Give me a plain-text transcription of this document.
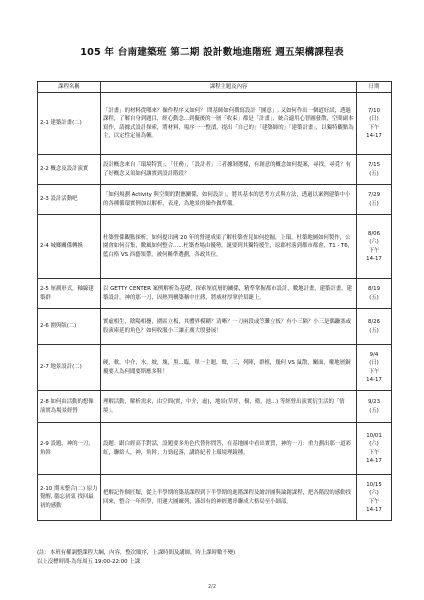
105 年 台南建築班 第二期 設計數地進階班 週五架構課程表
課程名稱	課程主題及內容	日期
2-1 建築計畫(二)	「計畫」的材料從哪來？操作程序又如何？ 問基師如何撰寫設計「圖意」, 又如何作出一個道好試，透過課程，了解自身到題目，經心動念...到擬後的一層「收束」都是「計畫」，統合適用心智圖發散，空間副本寫作，請據式設計探索，將材料，場序一一整漬，提出「自己的」「建築師的」「建築計畫」，以獨特觀點為主，以定性定量為輔。	7/10
(日)
下午
14-17

2-2 概念及設計演實	設計概念來自「環境特質」，「任務」，「設計者」三者據剝選樣，有創意的概念如何提案，尋找，尋覓？有了好概念又須如何讓實到設計階段？	7/15
(五)

2-3 設計活動吧	「如何規劃 Activity 與空間的對應關係，如何設計」，將其基本的思考方式與方法，透過以案例建築中小的各種循環實例加以解析，表達，為地景的操作做準備。	7/29
(五)

2-4 城鄉關係轉換	杜築營係觀點探析，如何提出國 20 年的營運成果了解杜築查見如何挖掘，上環，杜築地圖如何製作，公園會如何召集，數風如何整合......杜築查場由優勢，誕要到其獨特援生，原郡村落到都市都會，T1 - T6，藍白格 VS 西藝領帶，被何稱準選劃，各政其位。	8/06
(六)
下午
14-17

2-5 厘測形式，軸線建築群	以 GETTY CENTER 案例解析為基礎，探索厘底層的關係，精準掌握都市設計，數地計畫，建築計畫，建築設計，神的那一刀，因熱判構築稱中庄蔣，將威材厚掌於眉睫上。	8/19
(五)

2-6 圍與版(二)	實虛相生，陰陽相疊，圍區立板，其體界模糊？清晰？一刀兩段或笠難立板？有小三隔？小三是偶鐮塞或股演庫延的角色？如何收服小三讓正廣大殷發展！	8/26
(五)

2-7 地景設計(二)	硬，軟，中介，水，坡，塊，黑...臨，單一主題，聲，三，列陣，群植，幾何 VS 鼠散，關面，權地層銅擾要人為何聞要斯應多鞋！	9/4
(日)
下午
14-17

2-8 如何由活動的想像演實為場景經營	理解活動，解析需求，由空間(實，中介，虛)，地景(草坪，樹，衛，池...) 等經營出演實衍生活的「情境」。	9/23
(五)

2-9 設題，神的一刀，角斡	設題：跟白經高手對話，設題要多角色代替你問答，在基地圖中看出實質，神的一刀：重力劃出那一道彩虹，聯絡人，神，角斡；力勁起落，講終紀者上環境理鏡種。	10/01
(六)
下午
14-17

2-10 期末整合(二) 原力覺醒, 腦忘初衷 找回最初的感動	把解記作個匠類，從上半學期的築基課程到下半學期的進階課程及繪評圖與論創課程，把各階段的感動找回來，整合一年所學，用運大圖練列，謹昂有的神經選串聯成大格局至小細部。	10/15
(六)
下午
14-17
(註：本班有權調整課程大綱，內容，整次順序，上課時間及講師，時上課時數不變)
以上沒標時間-為每周五 19:00-22:00 上課
2/2
